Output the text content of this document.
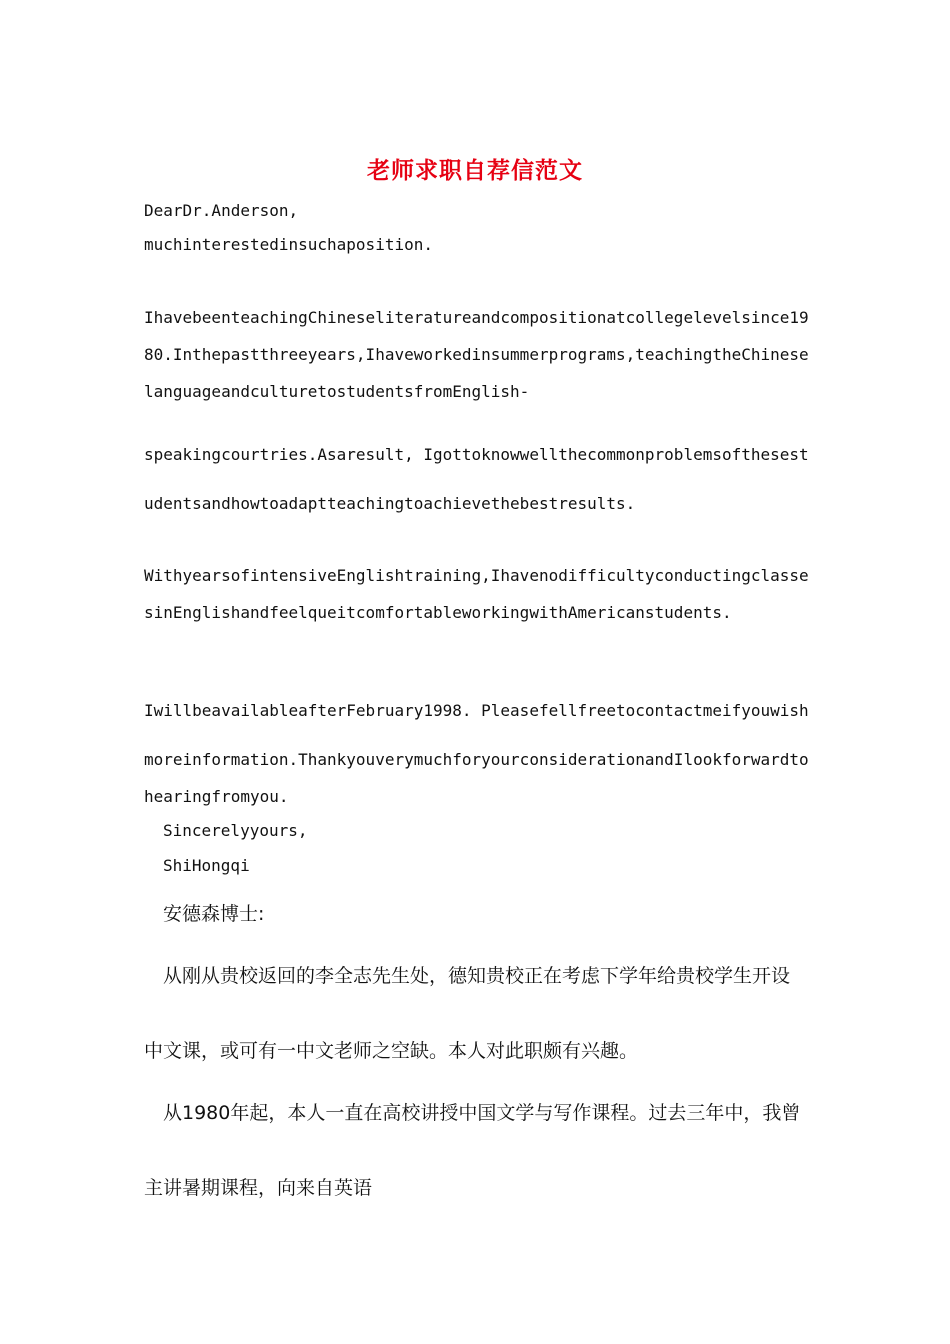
老师求职自荐信范文

DearDr.Anderson,

muchinterestedinsuchaposition.

IhavebeenteachingChineseliteratureandcompositionatcollegelevelsince19

80.Inthepastthreeyears,Ihaveworkedinsummerprograms,teachingtheChinese

languageandculturetostudentsfromEnglish-

speakingcourtries.Asaresult, Igottoknowwellthecommonproblemsofthesest

udentsandhowtoadaptteachingtoachievethebestresults.

WithyearsofintensiveEnglishtraining,Ihavenodifficultyconductingclasse

sinEnglishandfeelqueitcomfortableworkingwithAmericanstudents.

IwillbeavailableafterFebruary1998. Pleasefellfreetocontactmeifyouwish

moreinformation.ThankyouverymuchforyourconsiderationandIlookforwardto

hearingfromyou.

Sincerelyyours,

ShiHongqi

安德森博士:

从刚从贵校返回的李全志先生处，德知贵校正在考虑下学年给贵校学生开设

中文课，或可有一中文老师之空缺。本人对此职颇有兴趣。

从1980年起，本人一直在高校讲授中国文学与写作课程。过去三年中，我曾

主讲暑期课程，向来自英语
